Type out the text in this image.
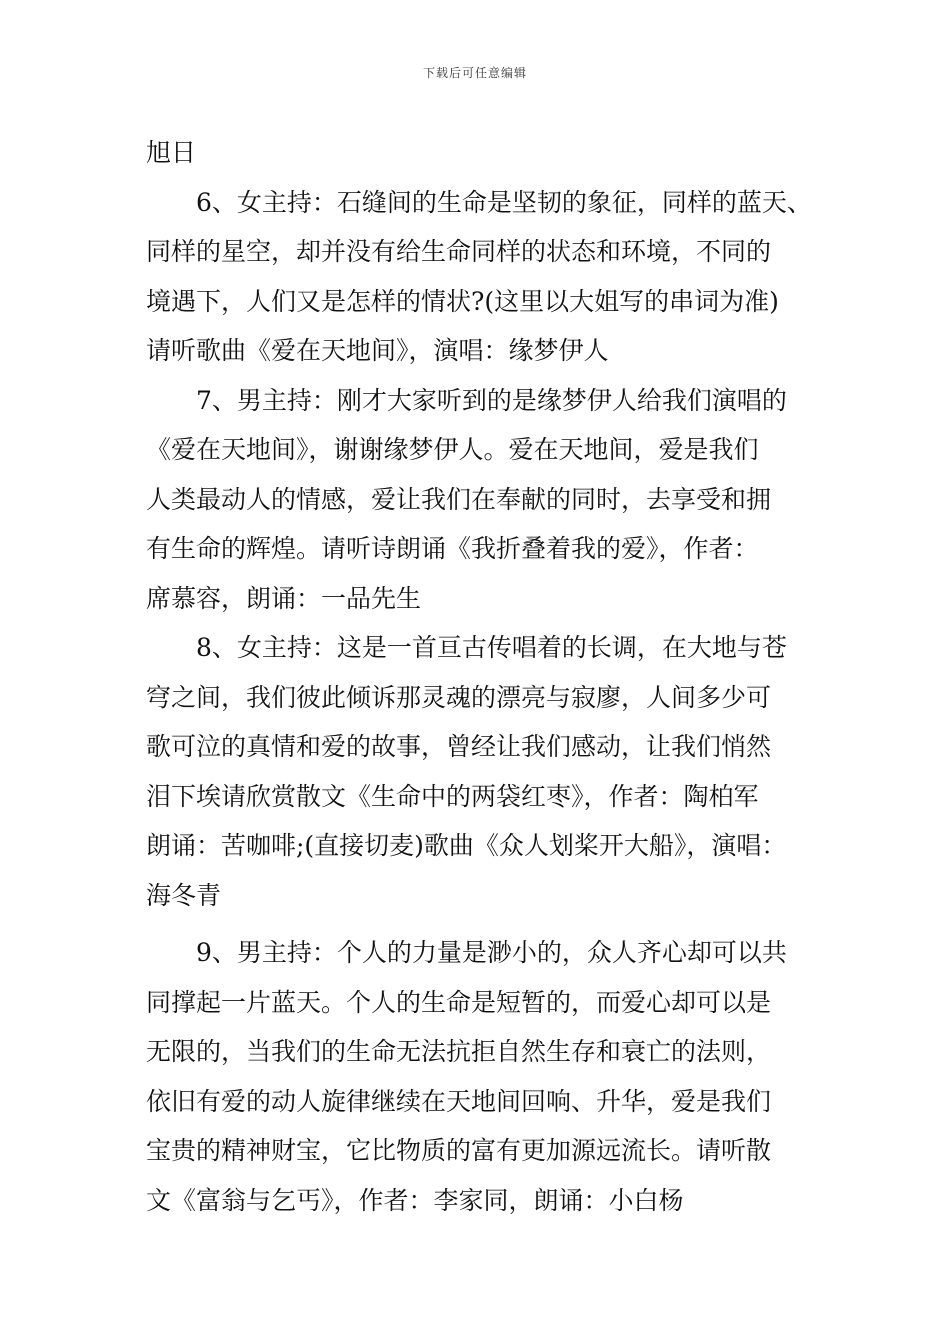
下载后可任意编辑
旭日
6、女主持：石缝间的生命是坚韧的象征，同样的蓝天、
同样的星空，却并没有给生命同样的状态和环境，不同的
境遇下，人们又是怎样的情状?(这里以大姐写的串词为准)
请听歌曲《爱在天地间》，演唱：缘梦伊人
7、男主持：刚才大家听到的是缘梦伊人给我们演唱的
《爱在天地间》，谢谢缘梦伊人。爱在天地间，爱是我们
人类最动人的情感，爱让我们在奉献的同时，去享受和拥
有生命的辉煌。请听诗朗诵《我折叠着我的爱》，作者：
席慕容，朗诵：一品先生
8、女主持：这是一首亘古传唱着的长调，在大地与苍
穹之间，我们彼此倾诉那灵魂的漂亮与寂廖，人间多少可
歌可泣的真情和爱的故事，曾经让我们感动，让我们悄然
泪下埃请欣赏散文《生命中的两袋红枣》，作者：陶柏军
朗诵：苦咖啡;(直接切麦)歌曲《众人划桨开大船》，演唱：
海冬青
9、男主持：个人的力量是渺小的，众人齐心却可以共
同撑起一片蓝天。个人的生命是短暂的，而爱心却可以是
无限的，当我们的生命无法抗拒自然生存和衰亡的法则，
依旧有爱的动人旋律继续在天地间回响、升华，爱是我们
宝贵的精神财宝，它比物质的富有更加源远流长。请听散
文《富翁与乞丐》，作者：李家同，朗诵：小白杨
